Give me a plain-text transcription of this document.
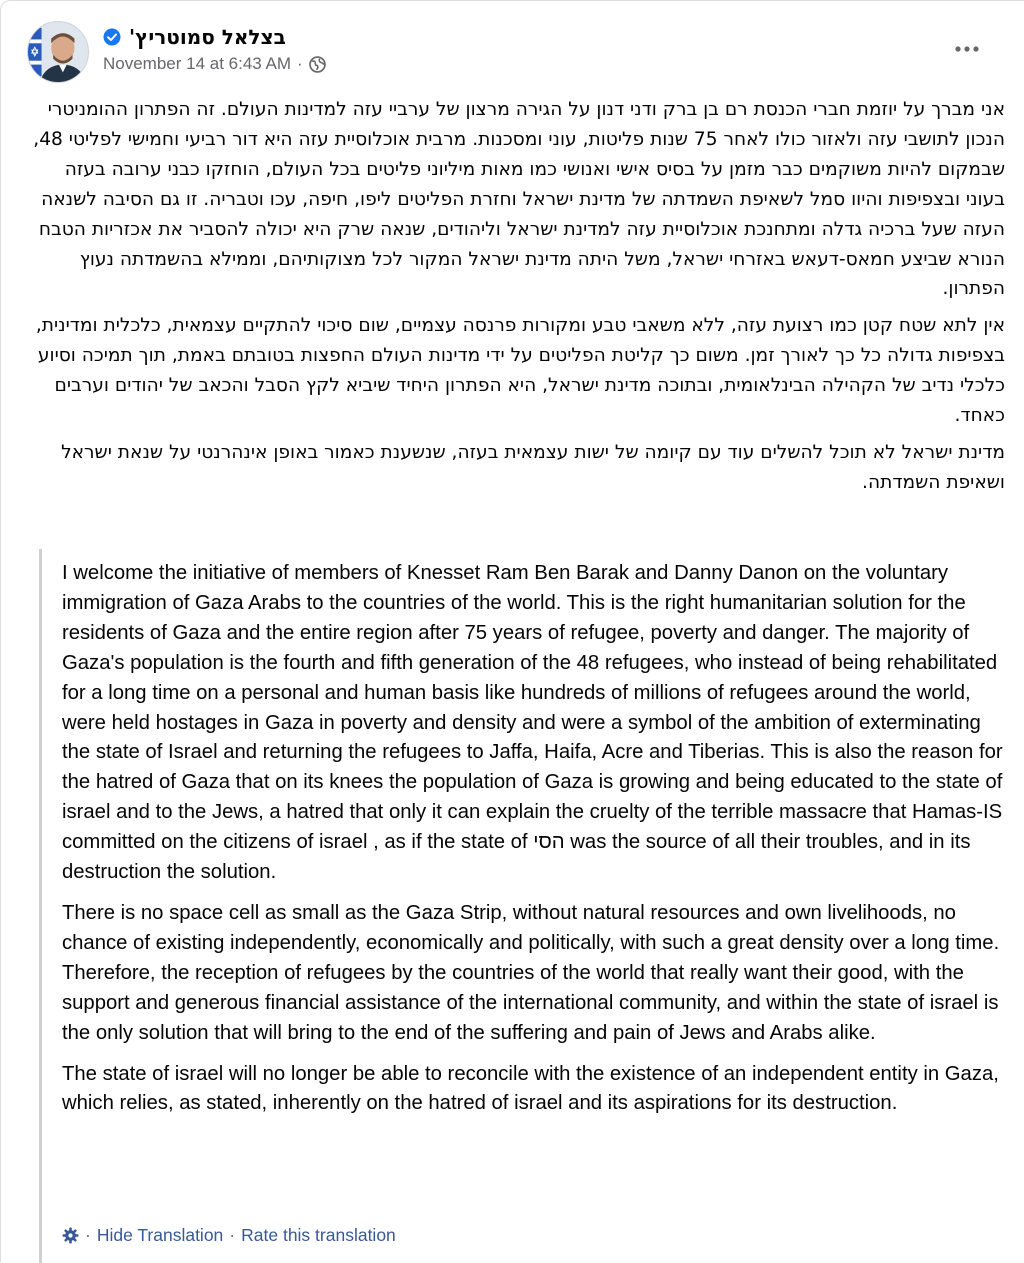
בצלאל סמוטריץ'
November 14 at 6:43 AM ·

אני מברך על יוזמת חברי הכנסת רם בן ברק ודני דנון על הגירה מרצון של ערביי עזה למדינות העולם. זה הפתרון ההומניטרי הנכון לתושבי עזה ולאזור כולו לאחר 75 שנות פליטות, עוני ומסכנות. מרבית אוכלוסיית עזה היא דור רביעי וחמישי לפליטי 48, שבמקום להיות משוקמים כבר מזמן על בסיס אישי ואנושי כמו מאות מיליוני פליטים בכל העולם, הוחזקו כבני ערובה בעזה בעוני ובצפיפות והיוו סמל לשאיפת השמדתה של מדינת ישראל וחזרת הפליטים ליפו, חיפה, עכו וטבריה. זו גם הסיבה לשנאה העזה שעל ברכיה גדלה ומתחנכת אוכלוסיית עזה למדינת ישראל וליהודים, שנאה שרק היא יכולה להסביר את אכזריות הטבח הנורא שביצע חמאס-דעאש באזרחי ישראל, משל היתה מדינת ישראל המקור לכל מצוקותיהם, וממילא בהשמדתה נעוץ הפתרון.

אין לתא שטח קטן כמו רצועת עזה, ללא משאבי טבע ומקורות פרנסה עצמיים, שום סיכוי להתקיים עצמאית, כלכלית ומדינית, בצפיפות גדולה כל כך לאורך זמן. משום כך קליטת הפליטים על ידי מדינות העולם החפצות בטובתם באמת, תוך תמיכה וסיוע כלכלי נדיב של הקהילה הבינלאומית, ובתוכה מדינת ישראל, היא הפתרון היחיד שיביא לקץ הסבל והכאב של יהודים וערבים כאחד.

מדינת ישראל לא תוכל להשלים עוד עם קיומה של ישות עצמאית בעזה, שנשענת כאמור באופן אינהרנטי על שנאת ישראל ושאיפת השמדתה.

I welcome the initiative of members of Knesset Ram Ben Barak and Danny Danon on the voluntary immigration of Gaza Arabs to the countries of the world. This is the right humanitarian solution for the residents of Gaza and the entire region after 75 years of refugee, poverty and danger. The majority of Gaza's population is the fourth and fifth generation of the 48 refugees, who instead of being rehabilitated for a long time on a personal and human basis like hundreds of millions of refugees around the world, were held hostages in Gaza in poverty and density and were a symbol of the ambition of exterminating the state of Israel and returning the refugees to Jaffa, Haifa, Acre and Tiberias. This is also the reason for the hatred of Gaza that on its knees the population of Gaza is growing and being educated to the state of israel and to the Jews, a hatred that only it can explain the cruelty of the terrible massacre that Hamas-IS committed on the citizens of israel , as if the state of הסי was the source of all their troubles, and in its destruction the solution.

There is no space cell as small as the Gaza Strip, without natural resources and own livelihoods, no chance of existing independently, economically and politically, with such a great density over a long time. Therefore, the reception of refugees by the countries of the world that really want their good, with the support and generous financial assistance of the international community, and within the state of israel is the only solution that will bring to the end of the suffering and pain of Jews and Arabs alike.

The state of israel will no longer be able to reconcile with the existence of an independent entity in Gaza, which relies, as stated, inherently on the hatred of israel and its aspirations for its destruction.

· Hide Translation · Rate this translation
